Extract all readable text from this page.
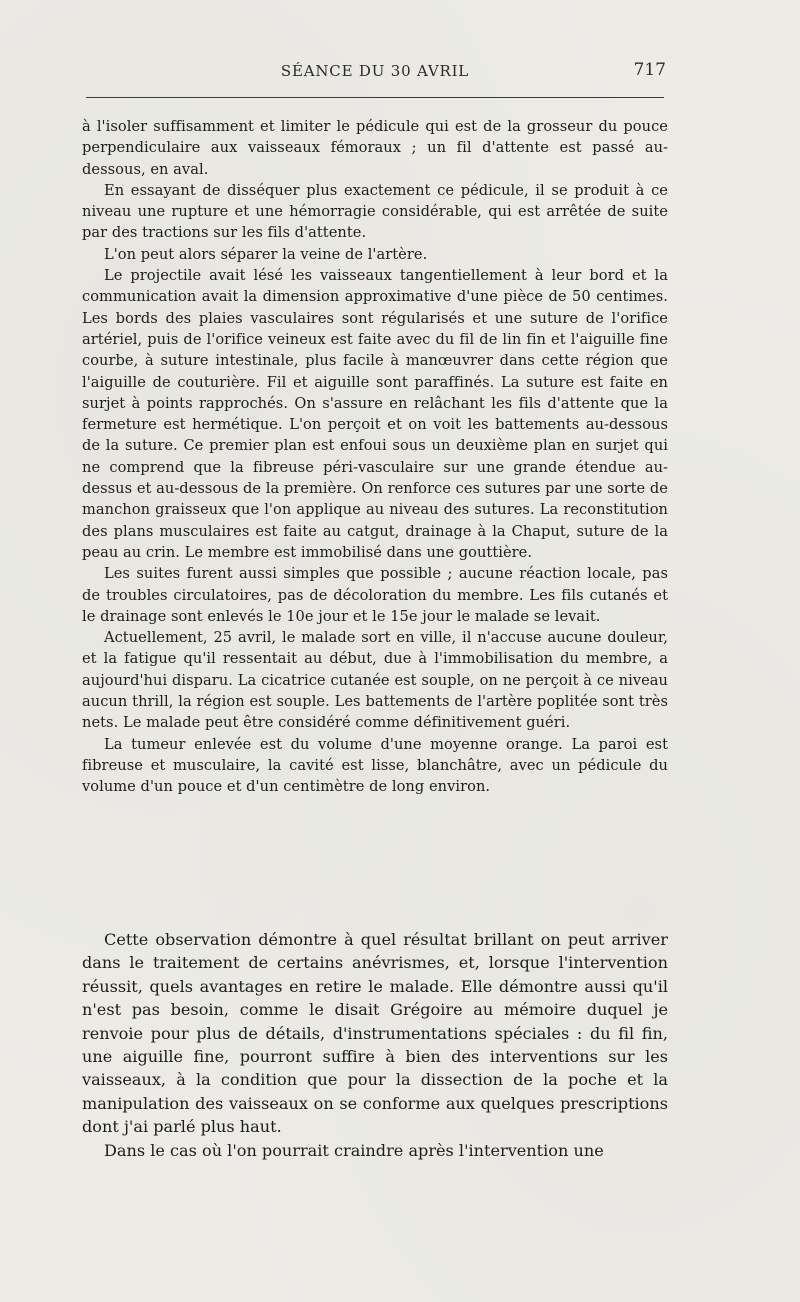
SÉANCE DU 30 AVRIL	717

à l'isoler suffisamment et limiter le pédicule qui est de la grosseur du pouce perpendiculaire aux vaisseaux fémoraux ; un fil d'attente est passé au-dessous, en aval.

En essayant de disséquer plus exactement ce pédicule, il se produit à ce niveau une rupture et une hémorragie considérable, qui est arrêtée de suite par des tractions sur les fils d'attente.

L'on peut alors séparer la veine de l'artère.

Le projectile avait lésé les vaisseaux tangentiellement à leur bord et la communication avait la dimension approximative d'une pièce de 50 centimes. Les bords des plaies vasculaires sont régularisés et une suture de l'orifice artériel, puis de l'orifice veineux est faite avec du fil de lin fin et l'aiguille fine courbe, à suture intestinale, plus facile à manœuvrer dans cette région que l'aiguille de couturière. Fil et aiguille sont paraffinés. La suture est faite en surjet à points rapprochés. On s'assure en relâchant les fils d'attente que la fermeture est hermétique. L'on perçoit et on voit les battements au-dessous de la suture. Ce premier plan est enfoui sous un deuxième plan en surjet qui ne comprend que la fibreuse péri-vasculaire sur une grande étendue au-dessus et au-dessous de la première. On renforce ces sutures par une sorte de manchon graisseux que l'on applique au niveau des sutures. La reconstitution des plans musculaires est faite au catgut, drainage à la Chaput, suture de la peau au crin. Le membre est immobilisé dans une gouttière.

Les suites furent aussi simples que possible ; aucune réaction locale, pas de troubles circulatoires, pas de décoloration du membre. Les fils cutanés et le drainage sont enlevés le 10e jour et le 15e jour le malade se levait.

Actuellement, 25 avril, le malade sort en ville, il n'accuse aucune douleur, et la fatigue qu'il ressentait au début, due à l'immobilisation du membre, a aujourd'hui disparu. La cicatrice cutanée est souple, on ne perçoit à ce niveau aucun thrill, la région est souple. Les battements de l'artère poplitée sont très nets. Le malade peut être considéré comme définitivement guéri.

La tumeur enlevée est du volume d'une moyenne orange. La paroi est fibreuse et musculaire, la cavité est lisse, blanchâtre, avec un pédicule du volume d'un pouce et d'un centimètre de long environ.

Cette observation démontre à quel résultat brillant on peut arriver dans le traitement de certains anévrismes, et, lorsque l'intervention réussit, quels avantages en retire le malade. Elle démontre aussi qu'il n'est pas besoin, comme le disait Grégoire au mémoire duquel je renvoie pour plus de détails, d'instrumentations spéciales : du fil fin, une aiguille fine, pourront suffire à bien des interventions sur les vaisseaux, à la condition que pour la dissection de la poche et la manipulation des vaisseaux on se conforme aux quelques prescriptions dont j'ai parlé plus haut.

Dans le cas où l'on pourrait craindre après l'intervention une
